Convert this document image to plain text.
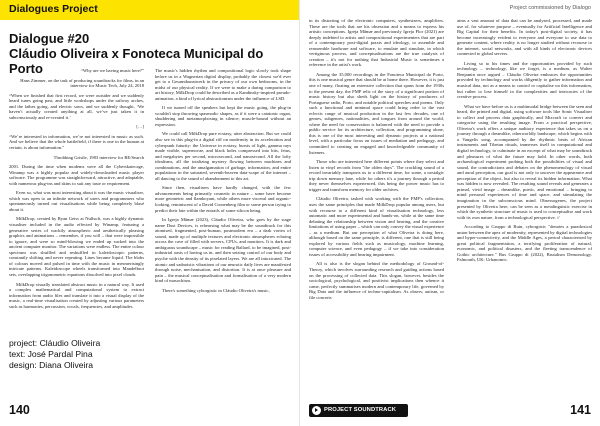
Dialogues Project
Dialogue #20
Cláudio Oliveira x Fonoteca Municipal do Porto	“Why are we having music here?”

Hans Zimmer, on the task of producing soundtracks for films, in an interview for Music Tech, July 24, 2018

“When we finished that first record, we were outsider and we suddenly heard tunes going past, and little workshops under the railway arches, and the lathes going, and electric saws, and we suddenly thought, ‘We haven’t actually created anything at all, we’ve just taken it in subconsciously and re-created it.’

[…]

“We’re interested in information, we’re not interested in music as such. And we believe that the whole battlefield, if there is one in the human at certain, is about information.”

Throbbing Gristle, 1983 interview for RE/Search

2001. During the time when modems were all the Cyberskatecage, Winamp was a highly popular and widely-downloaded music player software. The programme was straightforward, attractive, and adaptable, with numerous plug-ins and skins to suit any taste or requirement.

Even so, what was most interesting about it was the music visualiser, which was open to an infinite network of users and programmers who spontaneously turned out visualisations while being completely blasé about it.

MilkDrop, created by Ryan Geiss at Nullsoft, was a highly dynamic visualiser included in the audio effected by Winamp, featuring a generative series of wackily atmospheric and aesthetically pleasing graphics and animations – remember, if you will – that were impossible to ignore, and were so mind-blowing we ended up sucked into the ancient computer monitor. The variations were endless. The entire colour spectrum was shuffled and reshuffled in kaleidoscopic patterns, constantly shifting and never repeating. Lines became liquid. The blobs of colours moved and pulsed in time with the music in mesmerisingly intricate patterns. Kaleidoscope wheels transformed into Mandelbrot sets, overlapping trigonometric equations dissolved into pixel clouds.

MilkDrop visually translated abstract music in a natural way. It used a complex mathematical and computational system to extract information from audio files and translate it into a visual display of the music, a real-time visualisation created by adjusting various parameters such as harmonies, percussion, vocals, frequencies, and amplitudes.

The music's hidden rhythm and compositional logic slowly took shape before us in a Wagnerian digital display, probably the closest we'd ever get to a Gesamtkunstwerk in the privacy of our own bedrooms, in the midst of our physical reality. If we were to make a daring comparison to art history, MilkDrop could be described as a Kandinsky-inspired pseudo-animation, a kind of lyrical abstractionism under the influence of LSD.

If we turned off the speakers but kept the music going, the plug-in wouldn't stop throwing spasmodic shapes, as if it were a catatonic organ, shuddering and metamorphosing in silence; muscle-bound without an expression.

We could call MilkDrop pure ecstasy, utter abstraction. But we could also see in this plug-in a digital riff on modernity in its acceleration and cyberpunk futurity: the Universe in ecstasy, bursts of light, gamma rays made visible, supernovae, and black holes compressed into bits, fetus, and megabytes per second, microsecond, and nanosecond. All the lofty idealisms, all the totalizing mystery flowing between machines and combinations, and the amalgamation of garbage, information, and entire populations in the saturated, seventh-heaven data-scape of the internet – all dancing to the sound of abandonment to this art.

Since then, visualisers have hardly changed, with the few advancements being primarily cosmetic in nature – some have become more geometric and flamboyant, while others more visceral and organic-looking, reminiscent of a David Cronenberg film or some person trying to predict their fate within the entrails of some silicon being.

In Igreja Mãmæ (2023), Cláudio Oliveira, who goes by the stage name Dust Devices, is rehearsing what may be the soundtrack for this atomised, fragmented, post-human, postmodern era – a dark vortex of sound, made up of multiple textures and electronic atmospheres echoing across the cave of filled with servers, CPUs, and monitors. It is dark and ambiguous soundscape – music for reading Ballard, to be imagined, post-industrial oasis of having us in, and then seizing control of our body and psyche with the density of its pixelated layers. We are all intoxicated. The atomic and sadnoistic vibrations of our neurotic daily lives are manifested through noise, mechanisation, and distortion. It is at once pleasure and pain – the musical conceptualisation and formalisation of a very modern kind of masochism.

There's something cyborgistic in Cláudio Oliveira's music,

project: Cláudio Oliveira
text: José Pardal Pina
design: Diana Oliveira
140
Project commissioned by Dialogo

in its distorting of the electronic computers, synthesizers, amplifiers. These are the tools that are his obsession and a means to express his artistic conceptions. Igreja Mãmæ and previously Igreja Flor (2021) are deeply indebted to artists and compositional experimenters that are part of a contemporary post-digital praxis and ideology, to assemble and reassemble hardware and software, to emulate and simulate, in which vertiginous process, and conceptualisations are the true catalysts of creation – it's not for nothing that Industrial Music is sometimes a reference in the artist's work.

Among the 35,000 recordings in the Fonoteca Municipal do Porto, this is one musical genre that should be at home there. However, it is just one of many, floating an extensive collection that spans from the 1930s to the present day, the FMP relic of the story of a significant portion of music history but also sheds light on the history of producers of Portuguese radio, Porto, and notable political speeches and poems. Only such a functional and minimal space could bring order to the vast eclectic range of musical production in the last few decades, one of genres, subgenres, nationalities, and tongues from around the world, where the need for conservation is balanced with the need to provide a public service for its architecture, collection, and programming alone, this is one of the most interesting and dynamic projects at a national level, with a particular focus on issues of mediation and pedagogy, and committed to creating an engaged and knowledgeable community of listeners.

Those who are interested here different points where they select and listen to vinyl records from "the olden days". The crackling sound of a record invariably transports us to a different time, for some, a nostalgic trip down memory lane, while for others it's a journey through a period they never themselves experienced, this being the power music has to trigger and transform memory for older archives.

Cláudio Oliveira, tasked with working with the FMP's collection, uses the same principles that made MilkDrop popular among users, but with recourse to a different kind of visualisation technology, less automatic and more experimental and hands-on, while at the same time debating the relationship between vision and hearing, and the creative limitations of using paper – which can only convey the visual experience – as a medium. But our perception of what Oliveira is doing here, although based on the same principle, is different, one that is still being explored by various fields such as musicology, machine learning, computer science, and even pedagogy – if we take into consideration issues of accessibility and hearing impairment.

All is also is the slogan behind the methodology of Ground-of-Theory, which involves surrounding research and guiding actions based on the processing of collected data. This slogan, however, besides the sociological, psychological, and positivist implications then whence it came, perfectly summarises modern and contemporary life, governed by Big Data and the influence of techno-capitalism. As observ, autism, or file concerts

aims a vast amount of data that can be analysed, processed, and made use of, for whatever purpose – eventually for Artificial Intelligence and Big Capital for their benefits. In today's post-digital society, it has become increasingly evident to everyone and everyone to use data to generate content, where reality is no longer studied without recourse to the internet, social networks, and with all kinds of electronic devices connected to global servers.

Living so to his times and the opportunities provided by such technology – technology, like we forget, is a medium, as Walter Benjamin once argued – Cláudio Oliveira embraces the opportunities provided by technology and works diligently to gather information and musical data, not as a means to control or capitalise on this information, but rather to lose himself in the complexities and intricacies of the creative process.

What we have before us is a multimodal bridge between the seen and heard, the printed and digital, using software tools like Sonic Visualiser to collect and process data graphically, and Mixcraft to convert and categorise using the resulting image. From a practical perspective, Oliveira's work offers a unique auditory experience that takes us on a journey through a dreamlike, otherworldly landscape, which begins with a Vangelis song, accompanied by the rhythmic beats of African instruments and Tibetan rituals, immerses itself in computational and digital technology, to culminate in an excerpt of what may be soundtrack and pleasures of what the future may hold. In other words, both archaeological experiment probing both the possibilities of visual and sound, the contradictions and debates on the phenomenology of visual and aural perception, our goal is not only to uncover the appearance and perception of the object, but also to reveal its hidden information. What was hidden is now revealed. The resulting sound reveals and generates a primal, vivid image – dreamlike, poetic, and emotional – bringing to mind personal experiences of time and space, and stimulating the imagination in the subconscious mind. Obsessogenes, the project presented by Oliveira here, can be seen as a metalinguistic exercise in which the synthetic structure of music is used to conceptualise and work with its own nature, from a technological perspective. //

According to Gruppo di Ruin, cyborgistic "denotes a paradoxical union between the apex of modernity, represented by digital technologies and hyper-connectivity, and the Middle Ages, a period characterised by great political fragmentation, a terrifying proliferation of natural, economic, and political disasters, and the fleeting transcendence of Gothic architecture." Rus Gruppo di (2022), Brutalism Demonology. Falmouth, UK: Urbanomic.

PROJECT SOUNDTRACK	141
